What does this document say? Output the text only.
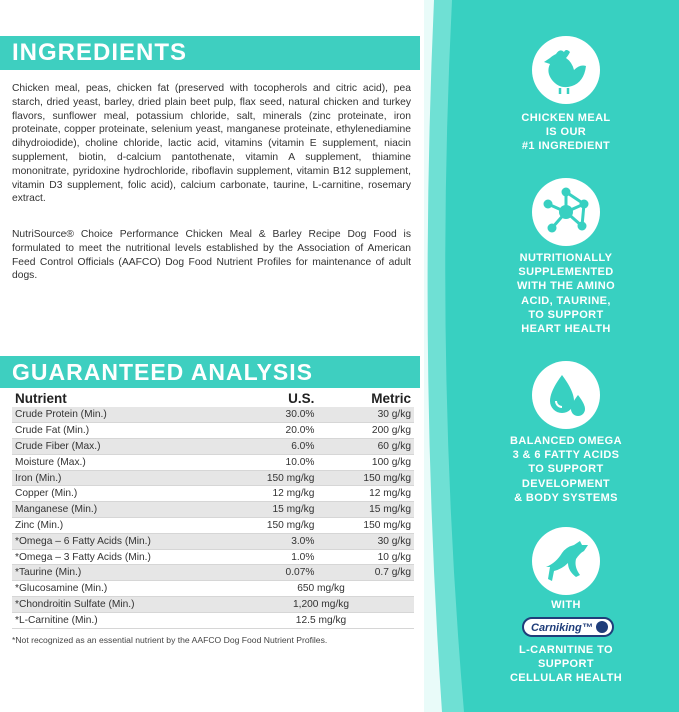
INGREDIENTS

Chicken meal, peas, chicken fat (preserved with tocopherols and citric acid), pea starch, dried yeast, barley, dried plain beet pulp, flax seed, natural chicken and turkey flavors, sunflower meal, potassium chloride, salt, minerals (zinc proteinate, iron proteinate, copper proteinate, selenium yeast, manganese proteinate, ethylenediamine dihydroiodide), choline chloride, lactic acid, vitamins (vitamin E supplement, niacin supplement, biotin, d-calcium pantothenate, vitamin A supplement, thiamine mononitrate, pyridoxine hydrochloride, riboflavin supplement, vitamin B12 supplement, vitamin D3 supplement, folic acid), calcium carbonate, taurine, L-carnitine, rosemary extract.

NutriSource® Choice Performance Chicken Meal & Barley Recipe Dog Food is formulated to meet the nutritional levels established by the Association of American Feed Control Officials (AAFCO) Dog Food Nutrient Profiles for maintenance of adult dogs.

GUARANTEED ANALYSIS
Nutrient	U.S.	Metric
Crude Protein (Min.)	30.0%	30 g/kg
Crude Fat (Min.)	20.0%	200 g/kg
Crude Fiber (Max.)	6.0%	60 g/kg
Moisture (Max.)	10.0%	100 g/kg
Iron (Min.)	150 mg/kg	150 mg/kg
Copper (Min.)	12 mg/kg	12 mg/kg
Manganese (Min.)	15 mg/kg	15 mg/kg
Zinc (Min.)	150 mg/kg	150 mg/kg
*Omega – 6 Fatty Acids (Min.)	3.0%	30 g/kg
*Omega – 3 Fatty Acids (Min.)	1.0%	10 g/kg
*Taurine (Min.)	0.07%	0.7 g/kg
*Glucosamine (Min.)	650 mg/kg	
*Chondroitin Sulfate (Min.)	1,200 mg/kg	
*L-Carnitine (Min.)	12.5 mg/kg	
*Not recognized as an essential nutrient by the AAFCO Dog Food Nutrient Profiles.
CHICKEN MEAL
IS OUR
#1 INGREDIENT
NUTRITIONALLY
SUPPLEMENTED
WITH THE AMINO
ACID, TAURINE,
TO SUPPORT
HEART HEALTH
BALANCED OMEGA
3 & 6 FATTY ACIDS
TO SUPPORT
DEVELOPMENT
& BODY SYSTEMS
WITH
Carniking™
L-CARNITINE TO
SUPPORT
CELLULAR HEALTH
